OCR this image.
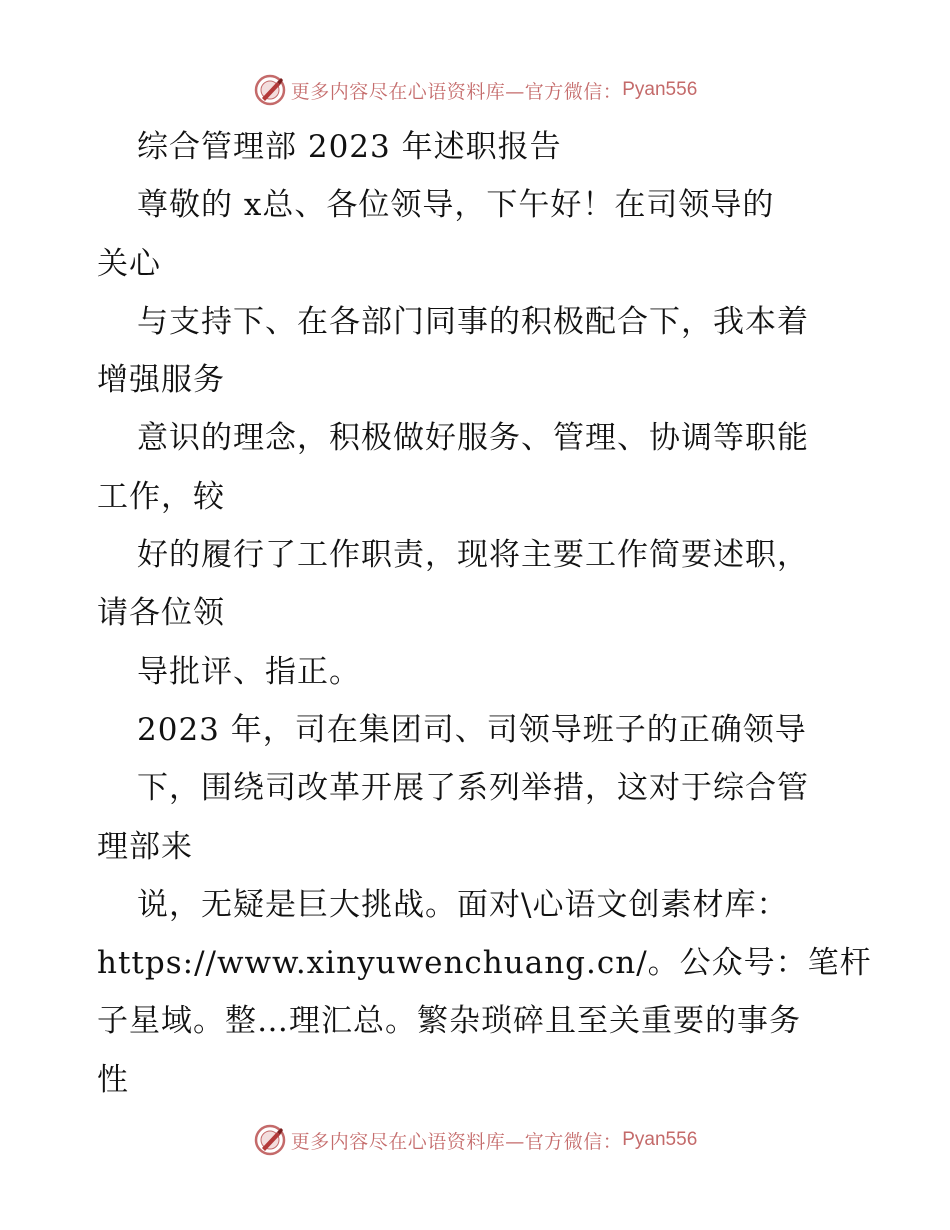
更多内容尽在心语资料库—官方微信： Pyan556
综合管理部 2023 年述职报告
尊敬的 x总、各位领导，下午好！在司领导的
关心
与支持下、在各部门同事的积极配合下，我本着
增强服务
意识的理念，积极做好服务、管理、协调等职能
工作，较
好的履行了工作职责，现将主要工作简要述职，
请各位领
导批评、指正。
2023 年，司在集团司、司领导班子的正确领导
下，围绕司改革开展了系列举措，这对于综合管
理部来
说，无疑是巨大挑战。面对\心语文创素材库：
https://www.xinyuwenchuang.cn/。公众号：笔杆
子星域。整…理汇总。繁杂琐碎且至关重要的事务
性
更多内容尽在心语资料库—官方微信： Pyan556
